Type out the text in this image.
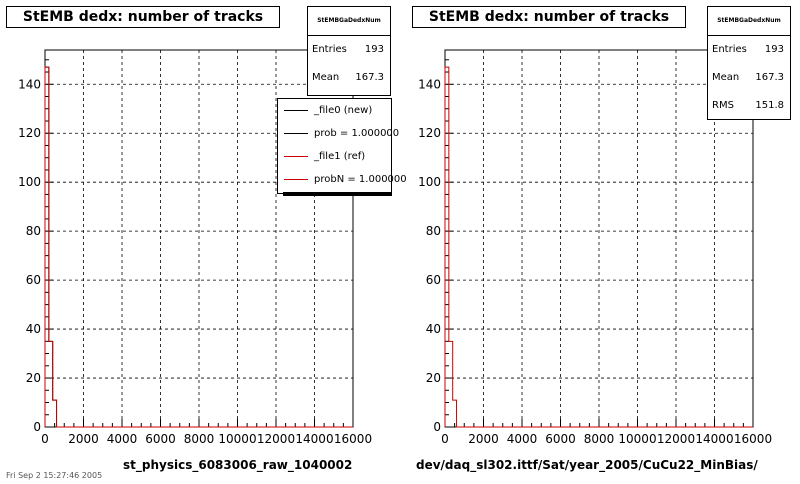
0 2000 4000 6000 8000 10000 12000 14000 16000
0
20
40
60
80
100
120
140
StEMB dedx: number of tracks	StEMBGaDedxNum
Entries 193
Mean 167.3
_file0 (new)
prob = 1.000000
_file1 (ref)
probN = 1.000000
st_physics_6083006_raw_1040002
Fri Sep 2 15:27:46 2005
0 2000 4000 6000 8000 10000 12000 14000 16000
0
20
40
60
80
100
120
140
StEMB dedx: number of tracks	StEMBGaDedxNum
Entries 193
Mean 167.3
RMS 151.8
dev/daq_sl302.ittf/Sat/year_2005/CuCu22_MinBias/
